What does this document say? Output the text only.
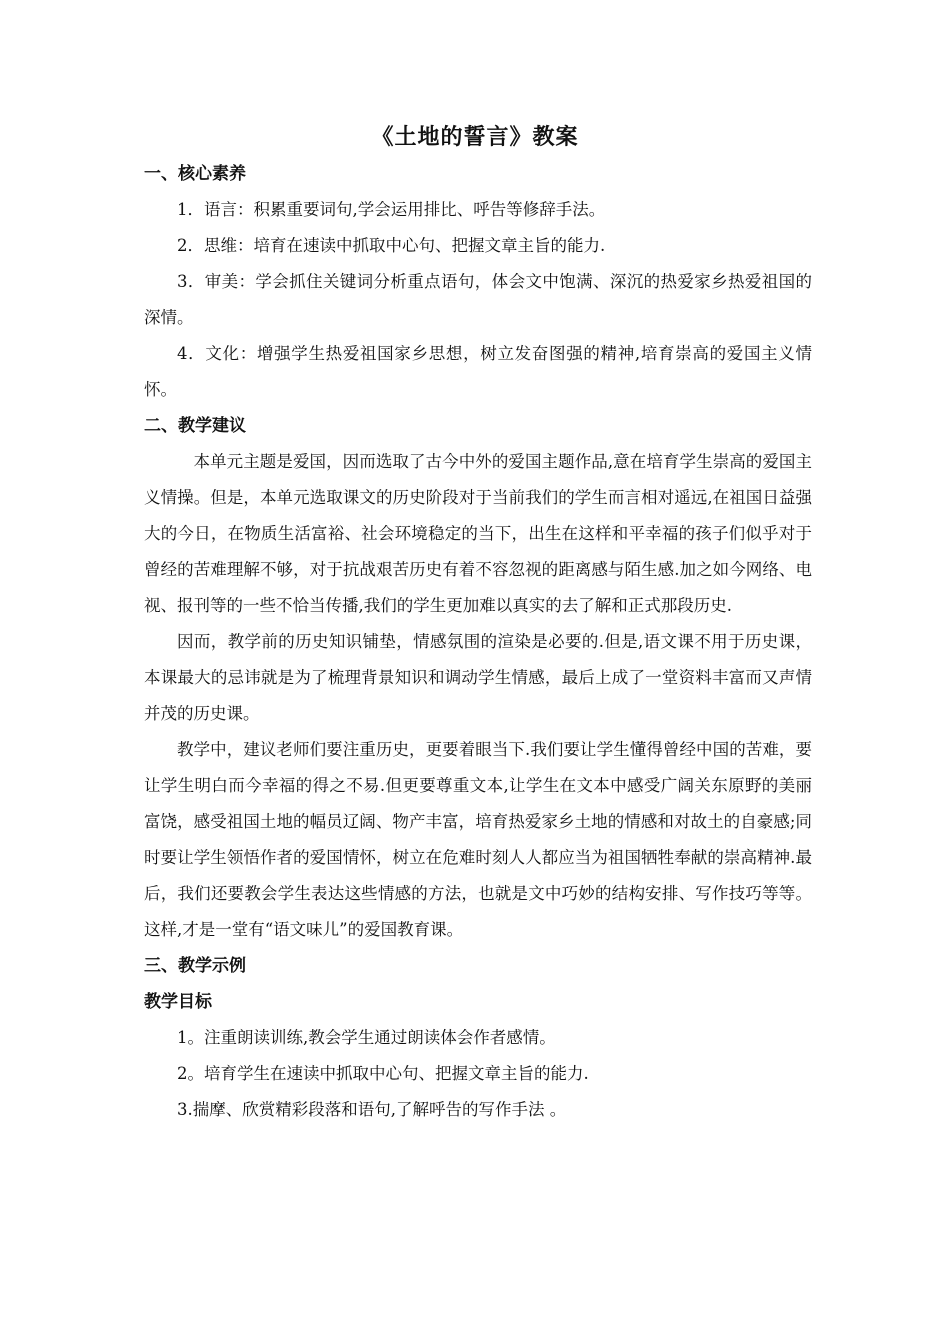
《土地的誓言》教案
一、核心素养
1．语言：积累重要词句,学会运用排比、呼告等修辞手法。
2．思维：培育在速读中抓取中心句、把握文章主旨的能力.

3．审美：学会抓住关键词分析重点语句，体会文中饱满、深沉的热爱家乡热爱祖国的深情。

4．文化：增强学生热爱祖国家乡思想，树立发奋图强的精神,培育崇高的爱国主义情怀。

二、教学建议

本单元主题是爱国，因而选取了古今中外的爱国主题作品,意在培育学生崇高的爱国主义情操。但是，本单元选取课文的历史阶段对于当前我们的学生而言相对遥远,在祖国日益强大的今日，在物质生活富裕、社会环境稳定的当下，出生在这样和平幸福的孩子们似乎对于曾经的苦难理解不够，对于抗战艰苦历史有着不容忽视的距离感与陌生感.加之如今网络、电视、报刊等的一些不恰当传播,我们的学生更加难以真实的去了解和正式那段历史.

因而，教学前的历史知识铺垫，情感氛围的渲染是必要的.但是,语文课不用于历史课，本课最大的忌讳就是为了梳理背景知识和调动学生情感，最后上成了一堂资料丰富而又声情并茂的历史课。

教学中，建议老师们要注重历史，更要着眼当下.我们要让学生懂得曾经中国的苦难，要让学生明白而今幸福的得之不易.但更要尊重文本,让学生在文本中感受广阔关东原野的美丽富饶，感受祖国土地的幅员辽阔、物产丰富，培育热爱家乡土地的情感和对故土的自豪感;同时要让学生领悟作者的爱国情怀，树立在危难时刻人人都应当为祖国牺牲奉献的崇高精神.最后，我们还要教会学生表达这些情感的方法，也就是文中巧妙的结构安排、写作技巧等等。这样,才是一堂有“语文味儿”的爱国教育课。

三、教学示例
教学目标
1。注重朗读训练,教会学生通过朗读体会作者感情。
2。培育学生在速读中抓取中心句、把握文章主旨的能力.
3.揣摩、欣赏精彩段落和语句,了解呼告的写作手法 。
